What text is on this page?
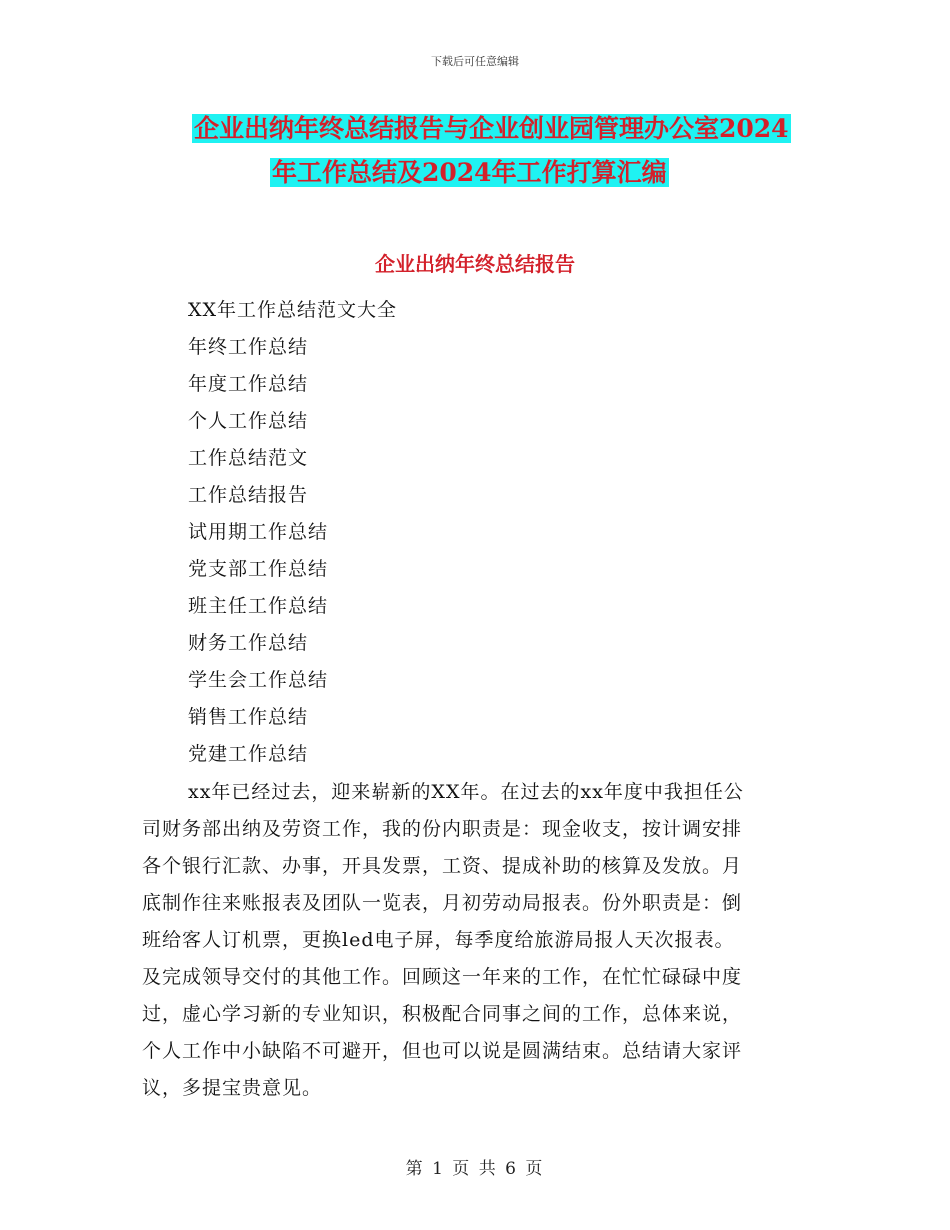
下载后可任意编辑
企业出纳年终总结报告与企业创业园管理办公室2024
年工作总结及2024年工作打算汇编
企业出纳年终总结报告
XX年工作总结范文大全
年终工作总结
年度工作总结
个人工作总结
工作总结范文
工作总结报告
试用期工作总结
党支部工作总结
班主任工作总结
财务工作总结
学生会工作总结
销售工作总结
党建工作总结
xx年已经过去，迎来崭新的XX年。在过去的xx年度中我担任公
司财务部出纳及劳资工作，我的份内职责是：现金收支，按计调安排
各个银行汇款、办事，开具发票，工资、提成补助的核算及发放。月
底制作往来账报表及团队一览表，月初劳动局报表。份外职责是：倒
班给客人订机票，更换led电子屏，每季度给旅游局报人天次报表。
及完成领导交付的其他工作。回顾这一年来的工作，在忙忙碌碌中度
过，虚心学习新的专业知识，积极配合同事之间的工作，总体来说，
个人工作中小缺陷不可避开，但也可以说是圆满结束。总结请大家评
议，多提宝贵意见。
第 1 页 共 6 页
